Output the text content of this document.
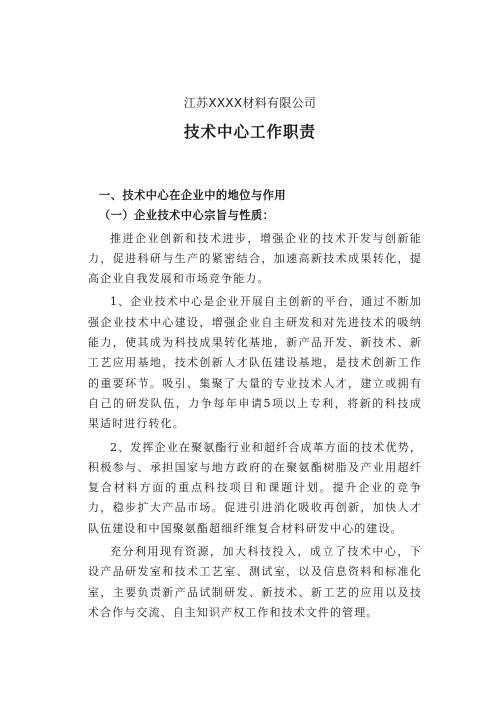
江苏XXXX材料有限公司
技术中心工作职责

一、技术中心在企业中的地位与作用

（一）企业技术中心宗旨与性质：

推进企业创新和技术进步，增强企业的技术开发与创新能力，促进科研与生产的紧密结合，加速高新技术成果转化，提高企业自我发展和市场竞争能力。

1、企业技术中心是企业开展自主创新的平台，通过不断加强企业技术中心建设，增强企业自主研发和对先进技术的吸纳能力，使其成为科技成果转化基地，新产品开发、新技术、新工艺应用基地，技术创新人才队伍建设基地，是技术创新工作的重要环节。吸引、集聚了大量的专业技术人才，建立或拥有自己的研发队伍，力争每年申请5项以上专利，将新的科技成果适时进行转化。

2、发挥企业在聚氨酯行业和超纤合成革方面的技术优势，积极参与、承担国家与地方政府的在聚氨酯树脂及产业用超纤复合材料方面的重点科技项目和课题计划。提升企业的竞争力，稳步扩大产品市场。促进引进消化吸收再创新，加快人才队伍建设和中国聚氨酯超细纤维复合材料研发中心的建设。

充分利用现有资源，加大科技投入，成立了技术中心，下设产品研发室和技术工艺室、测试室，以及信息资料和标准化室，主要负责新产品试制研发、新技术、新工艺的应用以及技术合作与交流、自主知识产权工作和技术文件的管理。
